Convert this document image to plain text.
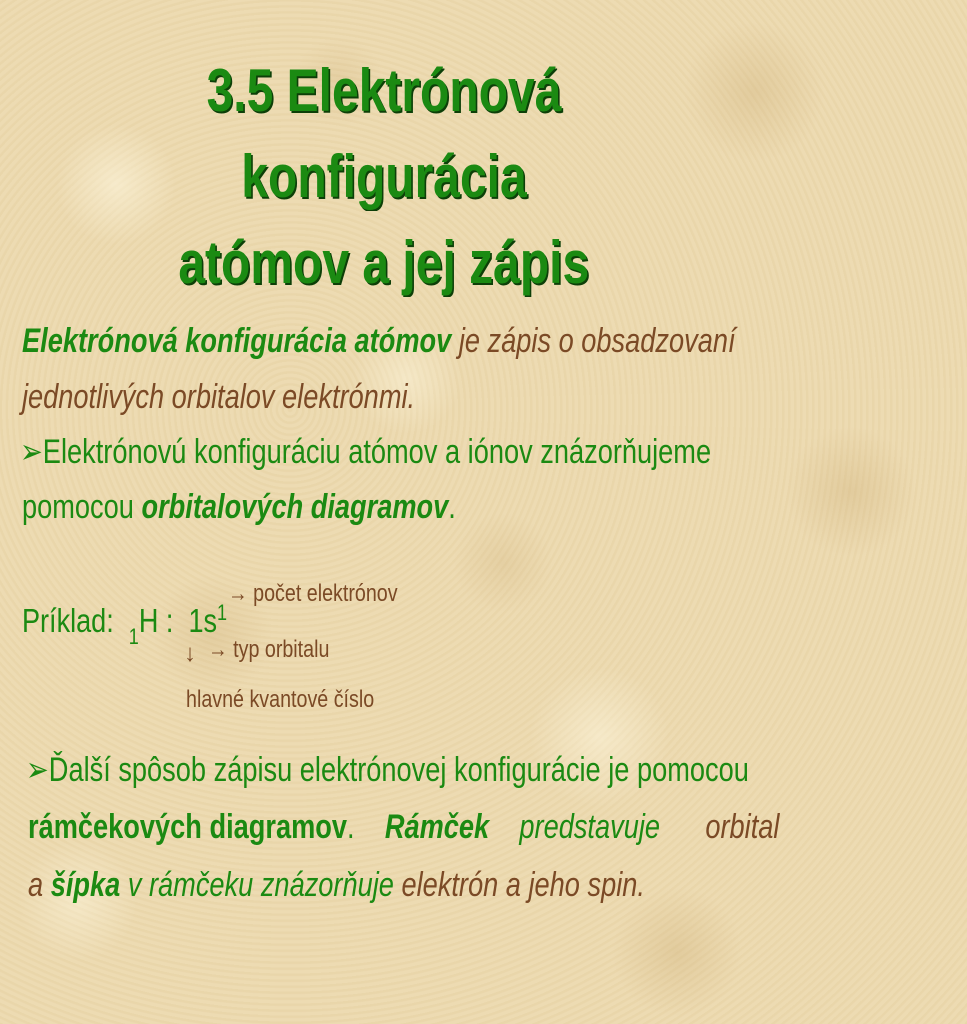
3.5 Elektrónová konfigurácia
atómov a jej zápis
Elektrónová konfigurácia atómov je zápis o obsadzovaní
jednotlivých orbitalov elektrónmi.
➢Elektrónovú konfiguráciu atómov a iónov znázorňujeme
pomocou orbitalových diagramov.
Príklad: $_1$H : $1s^1$
→ počet elektrónov
↓ → typ orbitalu
hlavné kvantové číslo
➢Ďalší spôsob zápisu elektrónovej konfigurácie je pomocou
rámčekových diagramov. Rámček predstavuje orbital
a šípka v rámčeku znázorňuje elektrón a jeho spin.
